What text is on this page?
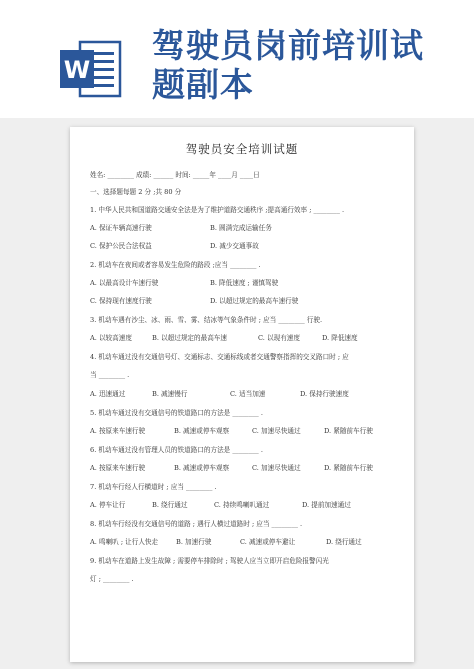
W
驾驶员岗前培训试
题副本
驾驶员安全培训试题
姓名: ________ 成绩: ______ 时间: _____年 ____月 ____日
一、选择题每题 2 分 ;共 80 分
1. 中华人民共和国道路交通安全法是为了维护道路交通秩序 ;提高通行效率 ; ________ .
A. 保证车辆高速行驶	B. 圆满完成运输任务
C. 保护公民合法权益	D. 减少交通事故
2. 机动车在夜间或者容易发生危险的路段 ;应当 ________ .
A. 以最高设计车速行驶	B. 降低速度 ; 谨慎驾驶
C. 保持现有速度行驶	D. 以超过规定的最高车速行驶
3. 机动车遇有沙尘、冰、雨、雪、雾、结冰等气象条件时 ; 应当 ________ 行驶.
A. 以较高速度	B. 以超过规定的最高车速	C. 以现有速度	D. 降低速度
4. 机动车通过没有交通信号灯、交通标志、交通标线或者交通警察指挥的交叉路口时 ; 应
当 ________ .
A. 迅速通过	B. 减速慢行	C. 适当加速	D. 保持行驶速度
5. 机动车通过没有交通信号的铁道路口的方法是 ________ .
A. 按原来车速行驶	B. 减速或停车观察	C. 加速尽快通过	D. 紧随前车行驶
6. 机动车通过没有管理人员的铁道路口的方法是 ________ .
A. 按原来车速行驶	B. 减速或停车观察	C. 加速尽快通过	D. 紧随前车行驶
7. 机动车行经人行横道时 ; 应当 ________ .
A. 停车让行	B. 绕行通过	C. 持续鸣喇叭通过	D. 提前加速通过
8. 机动车行经没有交通信号的道路 ; 遇行人横过道路时 ; 应当 ________ .
A. 鸣喇叭 ; 让行人快走	B. 加速行驶	C. 减速或停车避让	D. 绕行通过
9. 机动车在道路上发生故障 ; 需要停车排除时 ; 驾驶人应当立即开启危险报警闪光
灯 ; ________ .
